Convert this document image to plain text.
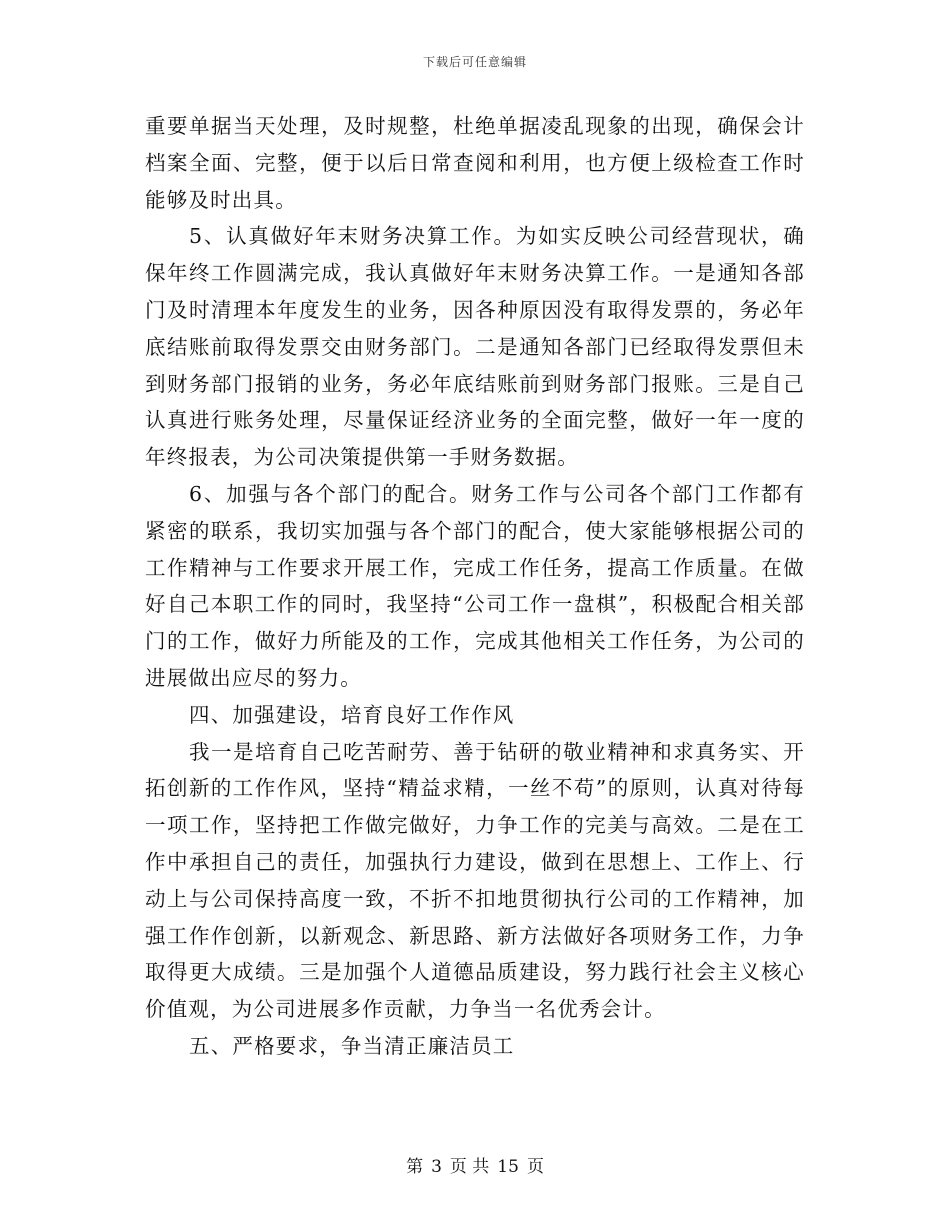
下载后可任意编辑

重要单据当天处理，及时规整，杜绝单据凌乱现象的出现，确保会计档案全面、完整，便于以后日常查阅和利用，也方便上级检查工作时能够及时出具。

5、认真做好年末财务决算工作。为如实反映公司经营现状，确保年终工作圆满完成，我认真做好年末财务决算工作。一是通知各部门及时清理本年度发生的业务，因各种原因没有取得发票的，务必年底结账前取得发票交由财务部门。二是通知各部门已经取得发票但未到财务部门报销的业务，务必年底结账前到财务部门报账。三是自己认真进行账务处理，尽量保证经济业务的全面完整，做好一年一度的年终报表，为公司决策提供第一手财务数据。

6、加强与各个部门的配合。财务工作与公司各个部门工作都有紧密的联系，我切实加强与各个部门的配合，使大家能够根据公司的工作精神与工作要求开展工作，完成工作任务，提高工作质量。在做好自己本职工作的同时，我坚持“公司工作一盘棋”，积极配合相关部门的工作，做好力所能及的工作，完成其他相关工作任务，为公司的进展做出应尽的努力。

四、加强建设，培育良好工作作风

我一是培育自己吃苦耐劳、善于钻研的敬业精神和求真务实、开拓创新的工作作风，坚持“精益求精，一丝不苟”的原则，认真对待每一项工作，坚持把工作做完做好，力争工作的完美与高效。二是在工作中承担自己的责任，加强执行力建设，做到在思想上、工作上、行动上与公司保持高度一致，不折不扣地贯彻执行公司的工作精神，加强工作作创新，以新观念、新思路、新方法做好各项财务工作，力争取得更大成绩。三是加强个人道德品质建设，努力践行社会主义核心价值观，为公司进展多作贡献，力争当一名优秀会计。

五、严格要求，争当清正廉洁员工

第 3 页 共 15 页
